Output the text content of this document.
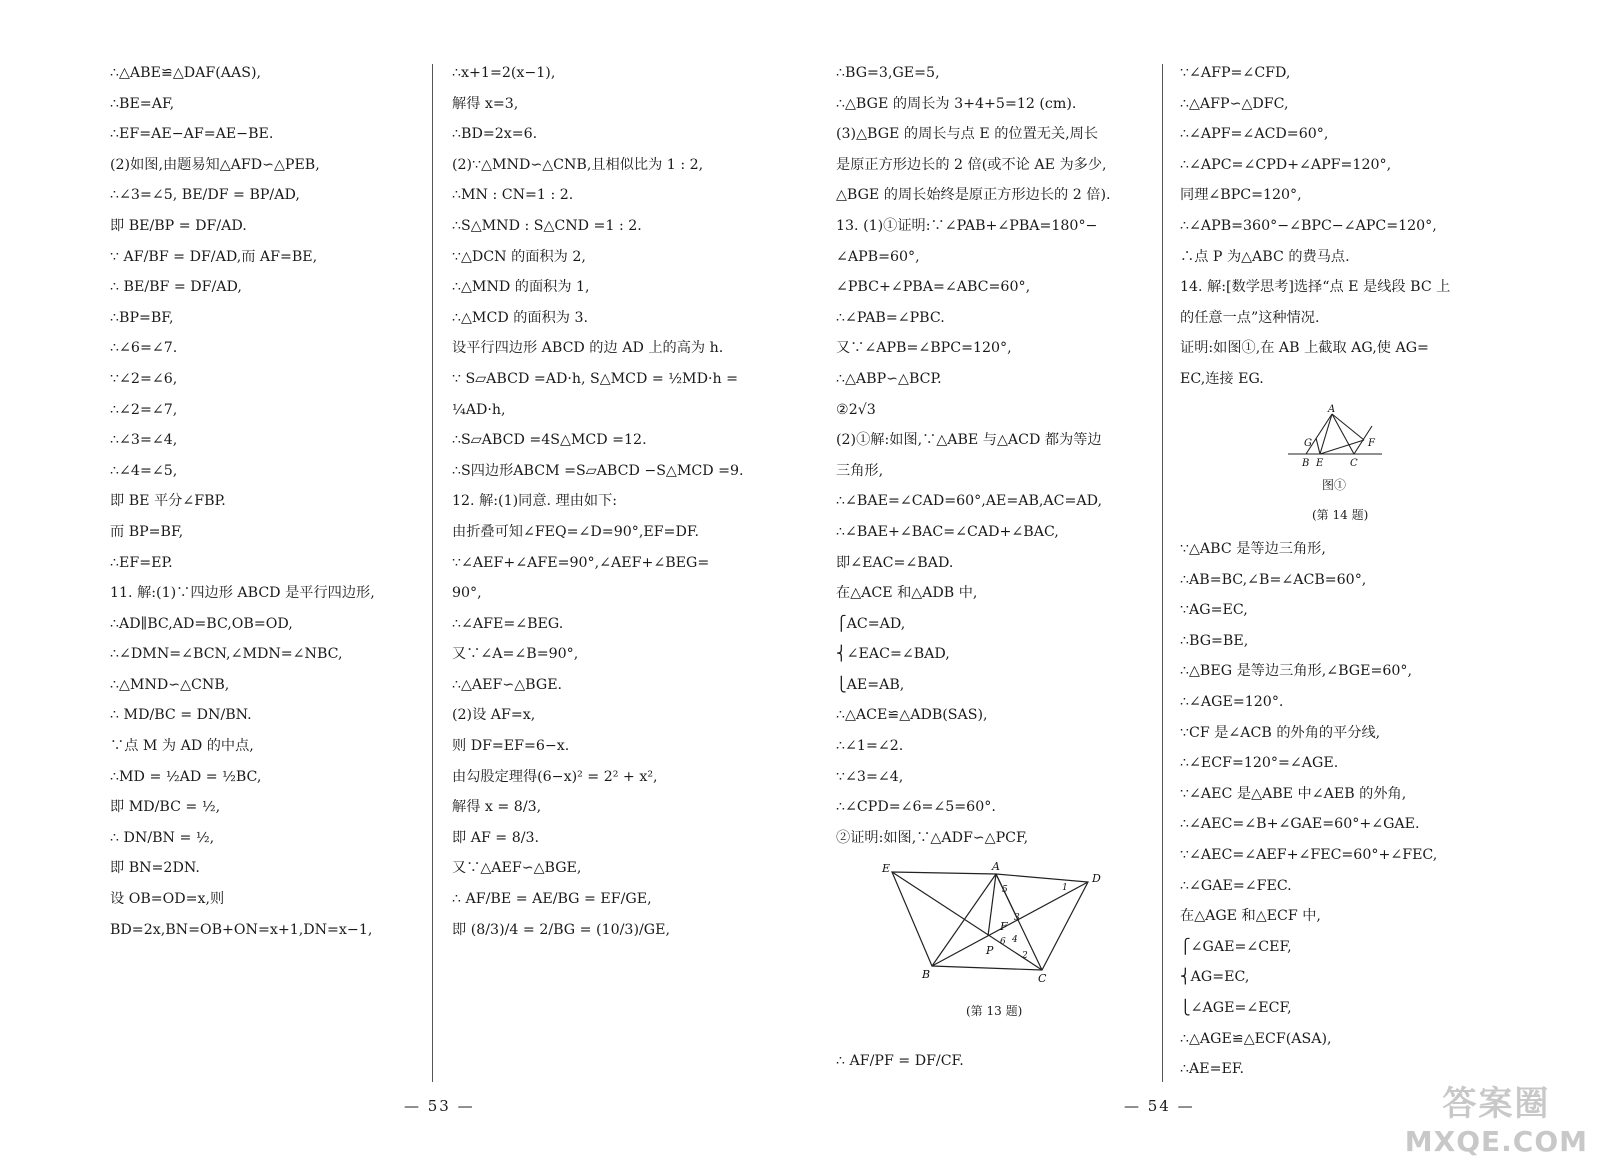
∴△ABE≌△DAF(AAS),
∴BE=AF,
∴EF=AE−AF=AE−BE.
(2)如图,由题易知△AFD∽△PEB,
∴∠3=∠5, BE/DF = BP/AD,
即 BE/BP = DF/AD.
∵ AF/BF = DF/AD,而 AF=BE,
∴ BE/BF = DF/AD,
∴BP=BF,
∴∠6=∠7.
∵∠2=∠6,
∴∠2=∠7,
∴∠3=∠4,
∴∠4=∠5,
即 BE 平分∠FBP.
而 BP=BF,
∴EF=EP.
11. 解:(1)∵四边形 ABCD 是平行四边形,
∴AD∥BC,AD=BC,OB=OD,
∴∠DMN=∠BCN,∠MDN=∠NBC,
∴△MND∽△CNB,
∴ MD/BC = DN/BN.
∵点 M 为 AD 的中点,
∴MD = ½AD = ½BC,
即 MD/BC = ½,
∴ DN/BN = ½,
即 BN=2DN.
设 OB=OD=x,则
BD=2x,BN=OB+ON=x+1,DN=x−1,
∴x+1=2(x−1),
解得 x=3,
∴BD=2x=6.
(2)∵△MND∽△CNB,且相似比为 1 : 2,
∴MN : CN=1 : 2.
∴S△MND : S△CND =1 : 2.
∵△DCN 的面积为 2,
∴△MND 的面积为 1,
∴△MCD 的面积为 3.
设平行四边形 ABCD 的边 AD 上的高为 h.
∵ S▱ABCD =AD·h, S△MCD = ½MD·h =
¼AD·h,
∴S▱ABCD =4S△MCD =12.
∴S四边形ABCM =S▱ABCD −S△MCD =9.
12. 解:(1)同意. 理由如下:
由折叠可知∠FEQ=∠D=90°,EF=DF.
∵∠AEF+∠AFE=90°,∠AEF+∠BEG=
90°,
∴∠AFE=∠BEG.
又∵∠A=∠B=90°,
∴△AEF∽△BGE.
(2)设 AF=x,
则 DF=EF=6−x.
由勾股定理得(6−x)² = 2² + x²,
解得 x = 8/3,
即 AF = 8/3.
又∵△AEF∽△BGE,
∴ AF/BE = AE/BG = EF/GE,
即 (8/3)/4 = 2/BG = (10/3)/GE,
∴BG=3,GE=5,
∴△BGE 的周长为 3+4+5=12 (cm).
(3)△BGE 的周长与点 E 的位置无关,周长
是原正方形边长的 2 倍(或不论 AE 为多少,
△BGE 的周长始终是原正方形边长的 2 倍).
13. (1)①证明:∵∠PAB+∠PBA=180°−
∠APB=60°,
∠PBC+∠PBA=∠ABC=60°,
∴∠PAB=∠PBC.
又∵∠APB=∠BPC=120°,
∴△ABP∽△BCP.
②2√3
(2)①解:如图,∵△ABE 与△ACD 都为等边
三角形,
∴∠BAE=∠CAD=60°,AE=AB,AC=AD,
∴∠BAE+∠BAC=∠CAD+∠BAC,
即∠EAC=∠BAD.
在△ACE 和△ADB 中,
⎧AC=AD,
⎨∠EAC=∠BAD,
⎩AE=AB,
∴△ACE≌△ADB(SAS),
∴∠1=∠2.
∵∠3=∠4,
∴∠CPD=∠6=∠5=60°.
②证明:如图,∵△ADF∽△PCF,
∵∠AFP=∠CFD,
∴△AFP∽△DFC,
∴∠APF=∠ACD=60°,
∴∠APC=∠CPD+∠APF=120°,
同理∠BPC=120°,
∴∠APB=360°−∠BPC−∠APC=120°,
∴点 P 为△ABC 的费马点.
14. 解:[数学思考]选择“点 E 是线段 BC 上
的任意一点”这种情况.
证明:如图①,在 AB 上截取 AG,使 AG=
EC,连接 EG.
∵△ABC 是等边三角形,
∴AB=BC,∠B=∠ACB=60°,
∵AG=EC,
∴BG=BE,
∴△BEG 是等边三角形,∠BGE=60°,
∴∠AGE=120°.
∵CF 是∠ACB 的外角的平分线,
∴∠ECF=120°=∠AGE.
∵∠AEC 是△ABE 中∠AEB 的外角,
∴∠AEC=∠B+∠GAE=60°+∠GAE.
∵∠AEC=∠AEF+∠FEC=60°+∠FEC,
∴∠GAE=∠FEC.
在△AGE 和△ECF 中,
⎧∠GAE=∠CEF,
⎨AG=EC,
⎩∠AGE=∠ECF,
∴△AGE≌△ECF(ASA),
∴AE=EF.
E	A
D
5	1
3
F
4
6
P	2
B	C
(第 13 题)
∴ AF/PF = DF/CF.
A
G	F
B E	C
图①
(第 14 题)
— 53 —	— 54 —	答案圈
MXQE.COM
